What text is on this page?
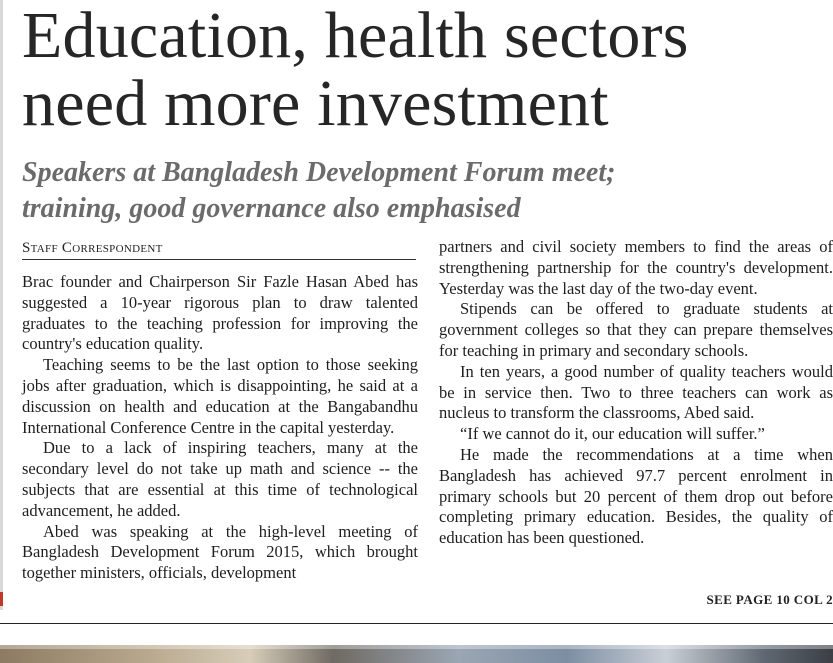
Education, health sectors
need more investment
Speakers at Bangladesh Development Forum meet;
training, good governance also emphasised
Staff Correspondent

Brac founder and Chairperson Sir Fazle Hasan Abed has suggested a 10-year rigorous plan to draw talented graduates to the teaching profession for improving the country's education quality.

Teaching seems to be the last option to those seeking jobs after graduation, which is disappointing, he said at a discussion on health and education at the Bangabandhu International Conference Centre in the capital yesterday.

Due to a lack of inspiring teachers, many at the secondary level do not take up math and science -- the subjects that are essential at this time of technological advancement, he added.

Abed was speaking at the high-level meeting of Bangladesh Development Forum 2015, which brought together ministers, officials, development

partners and civil society members to find the areas of strengthening partnership for the country's development. Yesterday was the last day of the two-day event.

Stipends can be offered to graduate students at government colleges so that they can prepare themselves for teaching in primary and secondary schools.

In ten years, a good number of quality teachers would be in service then. Two to three teachers can work as nucleus to transform the classrooms, Abed said.

“If we cannot do it, our education will suffer.”

He made the recommendations at a time when Bangladesh has achieved 97.7 percent enrolment in primary schools but 20 percent of them drop out before completing primary education. Besides, the quality of education has been questioned.

SEE PAGE 10 COL 2
